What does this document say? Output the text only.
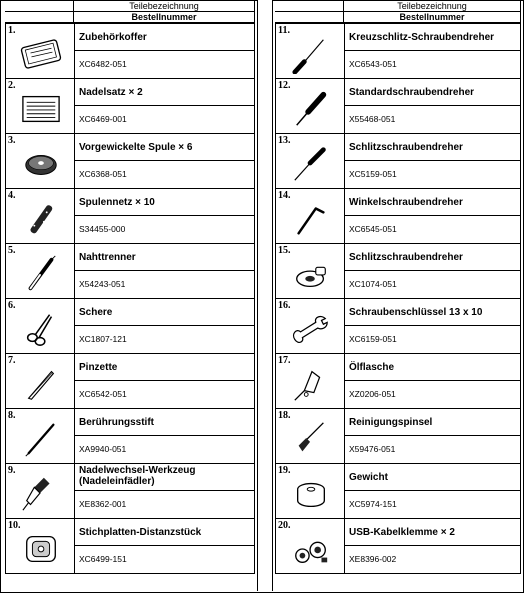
	Teilebezeichnung
	Bestellnummer
1.	Zubehörkoffer
	XC6482-051

2.	Nadelsatz × 2
	XC6469-001

3.	Vorgewickelte Spule × 6
	XC6368-051

4.	Spulennetz × 10
	S34455-000

5.	Nahttrenner
	X54243-051

6.	Schere
	XC1807-121

7.	Pinzette
	XC6542-051

8.	Berührungsstift
	XA9940-051

9.	Nadelwechsel-Werkzeug (Nadeleinfädler)
	XE8362-001

10.	Stichplatten-Distanzstück
	XC6499-151
	Teilebezeichnung
	Bestellnummer
11.	Kreuzschlitz-Schraubendreher
	XC6543-051

12.	Standardschraubendreher
	X55468-051

13.	Schlitzschraubendreher
	XC5159-051

14.	Winkelschraubendreher
	XC6545-051

15.	Schlitzschraubendreher
	XC1074-051

16.	Schraubenschlüssel 13 x 10
	XC6159-051

17.	Ölflasche
	XZ0206-051

18.	Reinigungspinsel
	X59476-051

19.	Gewicht
	XC5974-151

20.	USB-Kabelklemme × 2
	XE8396-002
